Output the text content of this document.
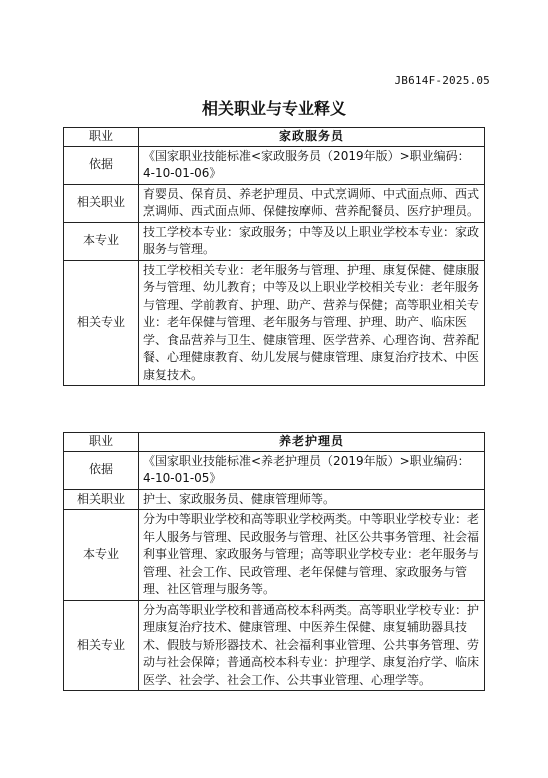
JB614F-2025.05
相关职业与专业释义
职业	家政服务员
依据	《国家职业技能标准<家政服务员（2019年版）>职业编码：4-10-01-06》
相关职业	育婴员、保育员、养老护理员、中式烹调师、中式面点师、西式烹调师、西式面点师、保健按摩师、营养配餐员、医疗护理员。
本专业	技工学校本专业：家政服务；中等及以上职业学校本专业：家政服务与管理。
相关专业	技工学校相关专业：老年服务与管理、护理、康复保健、健康服务与管理、幼儿教育；中等及以上职业学校相关专业：老年服务与管理、学前教育、护理、助产、营养与保健；高等职业相关专业：老年保健与管理、老年服务与管理、护理、助产、临床医学、食品营养与卫生、健康管理、医学营养、心理咨询、营养配餐、心理健康教育、幼儿发展与健康管理、康复治疗技术、中医康复技术。
职业	养老护理员
依据	《国家职业技能标准<养老护理员（2019年版）>职业编码：4-10-01-05》
相关职业	护士、家政服务员、健康管理师等。
本专业	分为中等职业学校和高等职业学校两类。中等职业学校专业：老年人服务与管理、民政服务与管理、社区公共事务管理、社会福利事业管理、家政服务与管理；高等职业学校专业：老年服务与管理、社会工作、民政管理、老年保健与管理、家政服务与管理、社区管理与服务等。
相关专业	分为高等职业学校和普通高校本科两类。高等职业学校专业：护理康复治疗技术、健康管理、中医养生保健、康复辅助器具技术、假肢与矫形器技术、社会福利事业管理、公共事务管理、劳动与社会保障；普通高校本科专业：护理学、康复治疗学、临床医学、社会学、社会工作、公共事业管理、心理学等。
